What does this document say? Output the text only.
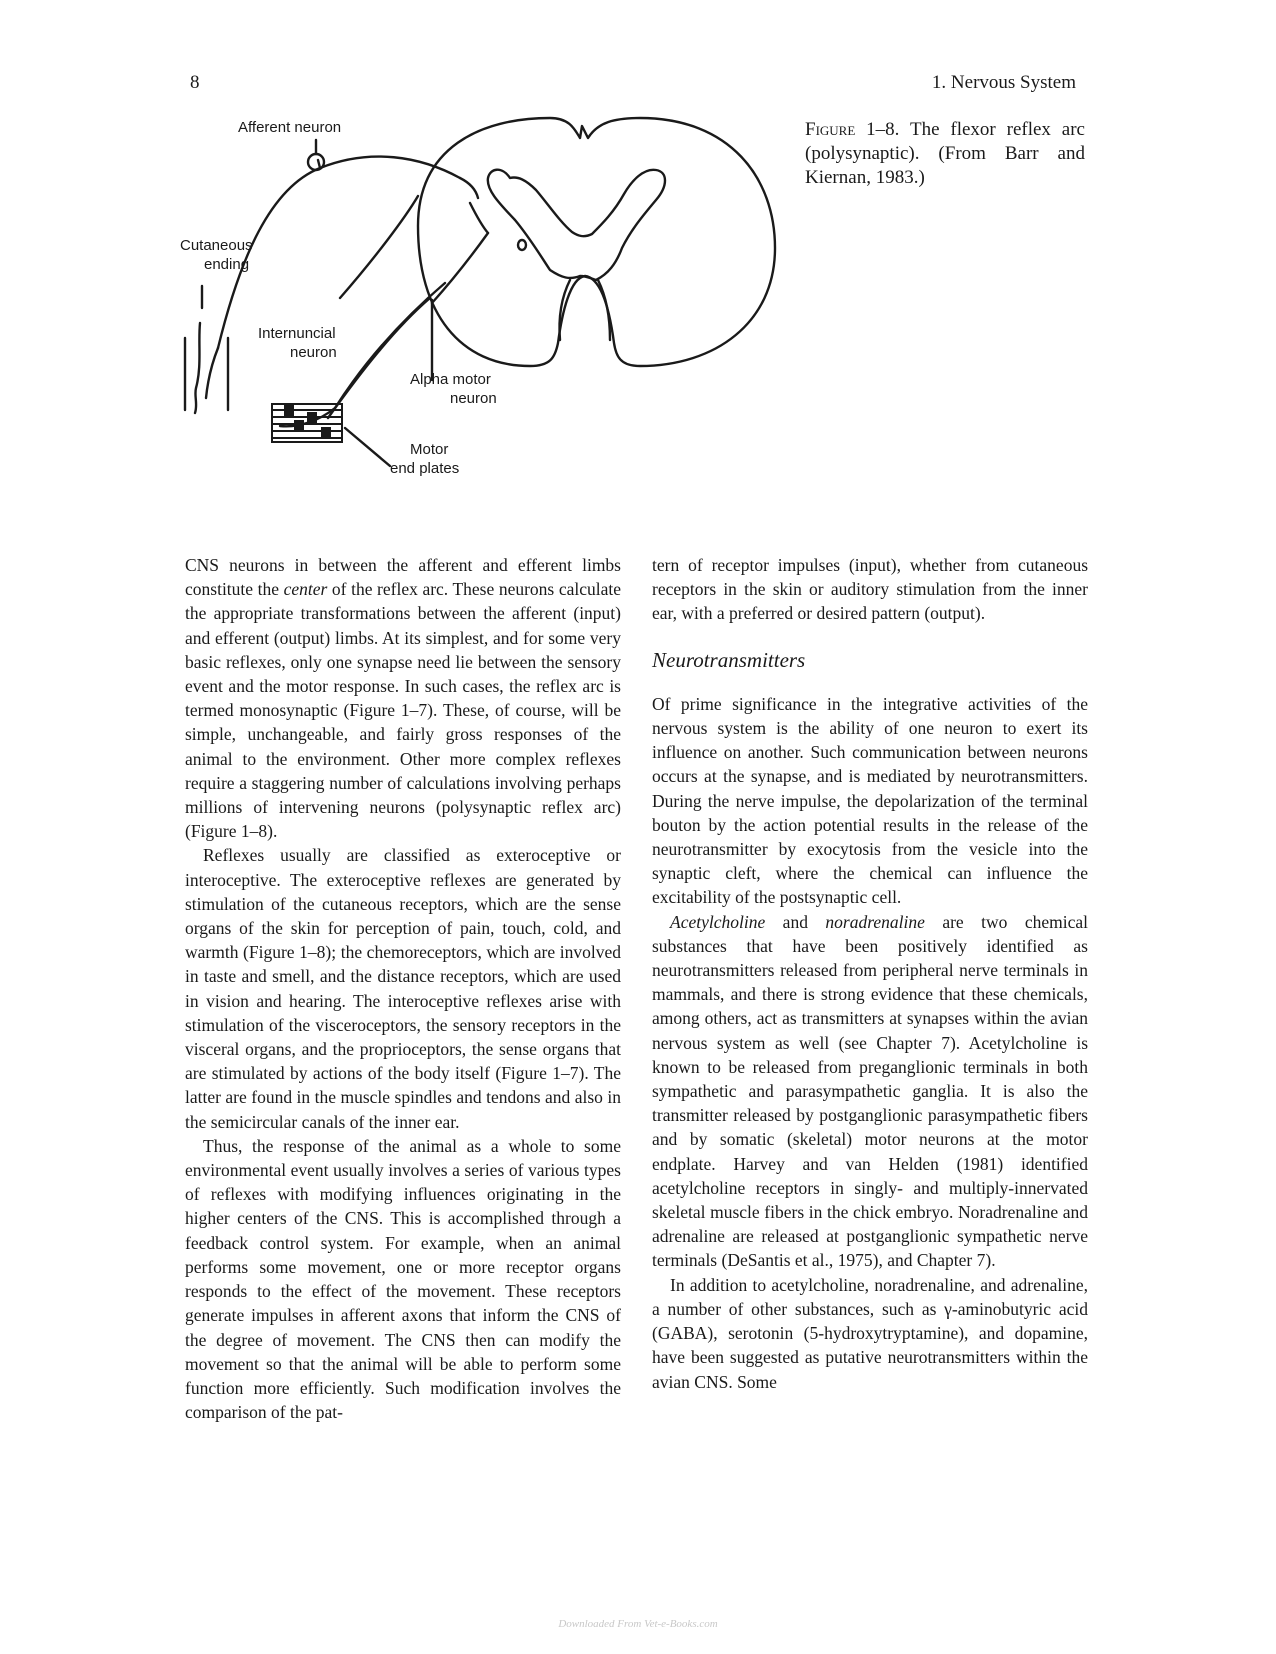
8	1. Nervous System
Afferent neuron
Cutaneous
ending
Internuncial
neuron
Alpha motor
neuron
Motor
end plates
Figure 1–8. The flexor reflex arc (polysynaptic). (From Barr and Kiernan, 1983.)

CNS neurons in between the afferent and efferent limbs constitute the center of the reflex arc. These neurons calculate the appropriate transformations between the afferent (input) and efferent (output) limbs. At its simplest, and for some very basic reflexes, only one synapse need lie between the sensory event and the motor response. In such cases, the reflex arc is termed monosynaptic (Figure 1–7). These, of course, will be simple, unchangeable, and fairly gross responses of the animal to the environment. Other more complex reflexes require a staggering number of calculations involving perhaps millions of intervening neurons (polysynaptic reflex arc) (Figure 1–8).

Reflexes usually are classified as exteroceptive or interoceptive. The exteroceptive reflexes are generated by stimulation of the cutaneous receptors, which are the sense organs of the skin for perception of pain, touch, cold, and warmth (Figure 1–8); the chemoreceptors, which are involved in taste and smell, and the distance receptors, which are used in vision and hearing. The interoceptive reflexes arise with stimulation of the visceroceptors, the sensory receptors in the visceral organs, and the proprioceptors, the sense organs that are stimulated by actions of the body itself (Figure 1–7). The latter are found in the muscle spindles and tendons and also in the semicircular canals of the inner ear.

Thus, the response of the animal as a whole to some environmental event usually involves a series of various types of reflexes with modifying influences originating in the higher centers of the CNS. This is accomplished through a feedback control system. For example, when an animal performs some movement, one or more receptor organs responds to the effect of the movement. These receptors generate impulses in afferent axons that inform the CNS of the degree of movement. The CNS then can modify the movement so that the animal will be able to perform some function more efficiently. Such modification involves the comparison of the pat-

tern of receptor impulses (input), whether from cutaneous receptors in the skin or auditory stimulation from the inner ear, with a preferred or desired pattern (output).

Neurotransmitters

Of prime significance in the integrative activities of the nervous system is the ability of one neuron to exert its influence on another. Such communication between neurons occurs at the synapse, and is mediated by neurotransmitters. During the nerve impulse, the depolarization of the terminal bouton by the action potential results in the release of the neurotransmitter by exocytosis from the vesicle into the synaptic cleft, where the chemical can influence the excitability of the postsynaptic cell.

Acetylcholine and noradrenaline are two chemical substances that have been positively identified as neurotransmitters released from peripheral nerve terminals in mammals, and there is strong evidence that these chemicals, among others, act as transmitters at synapses within the avian nervous system as well (see Chapter 7). Acetylcholine is known to be released from preganglionic terminals in both sympathetic and parasympathetic ganglia. It is also the transmitter released by postganglionic parasympathetic fibers and by somatic (skeletal) motor neurons at the motor endplate. Harvey and van Helden (1981) identified acetylcholine receptors in singly- and multiply-innervated skeletal muscle fibers in the chick embryo. Noradrenaline and adrenaline are released at postganglionic sympathetic nerve terminals (DeSantis et al., 1975), and Chapter 7).

In addition to acetylcholine, noradrenaline, and adrenaline, a number of other substances, such as γ-aminobutyric acid (GABA), serotonin (5-hydroxytryptamine), and dopamine, have been suggested as putative neurotransmitters within the avian CNS. Some

Downloaded From Vet-e-Books.com
